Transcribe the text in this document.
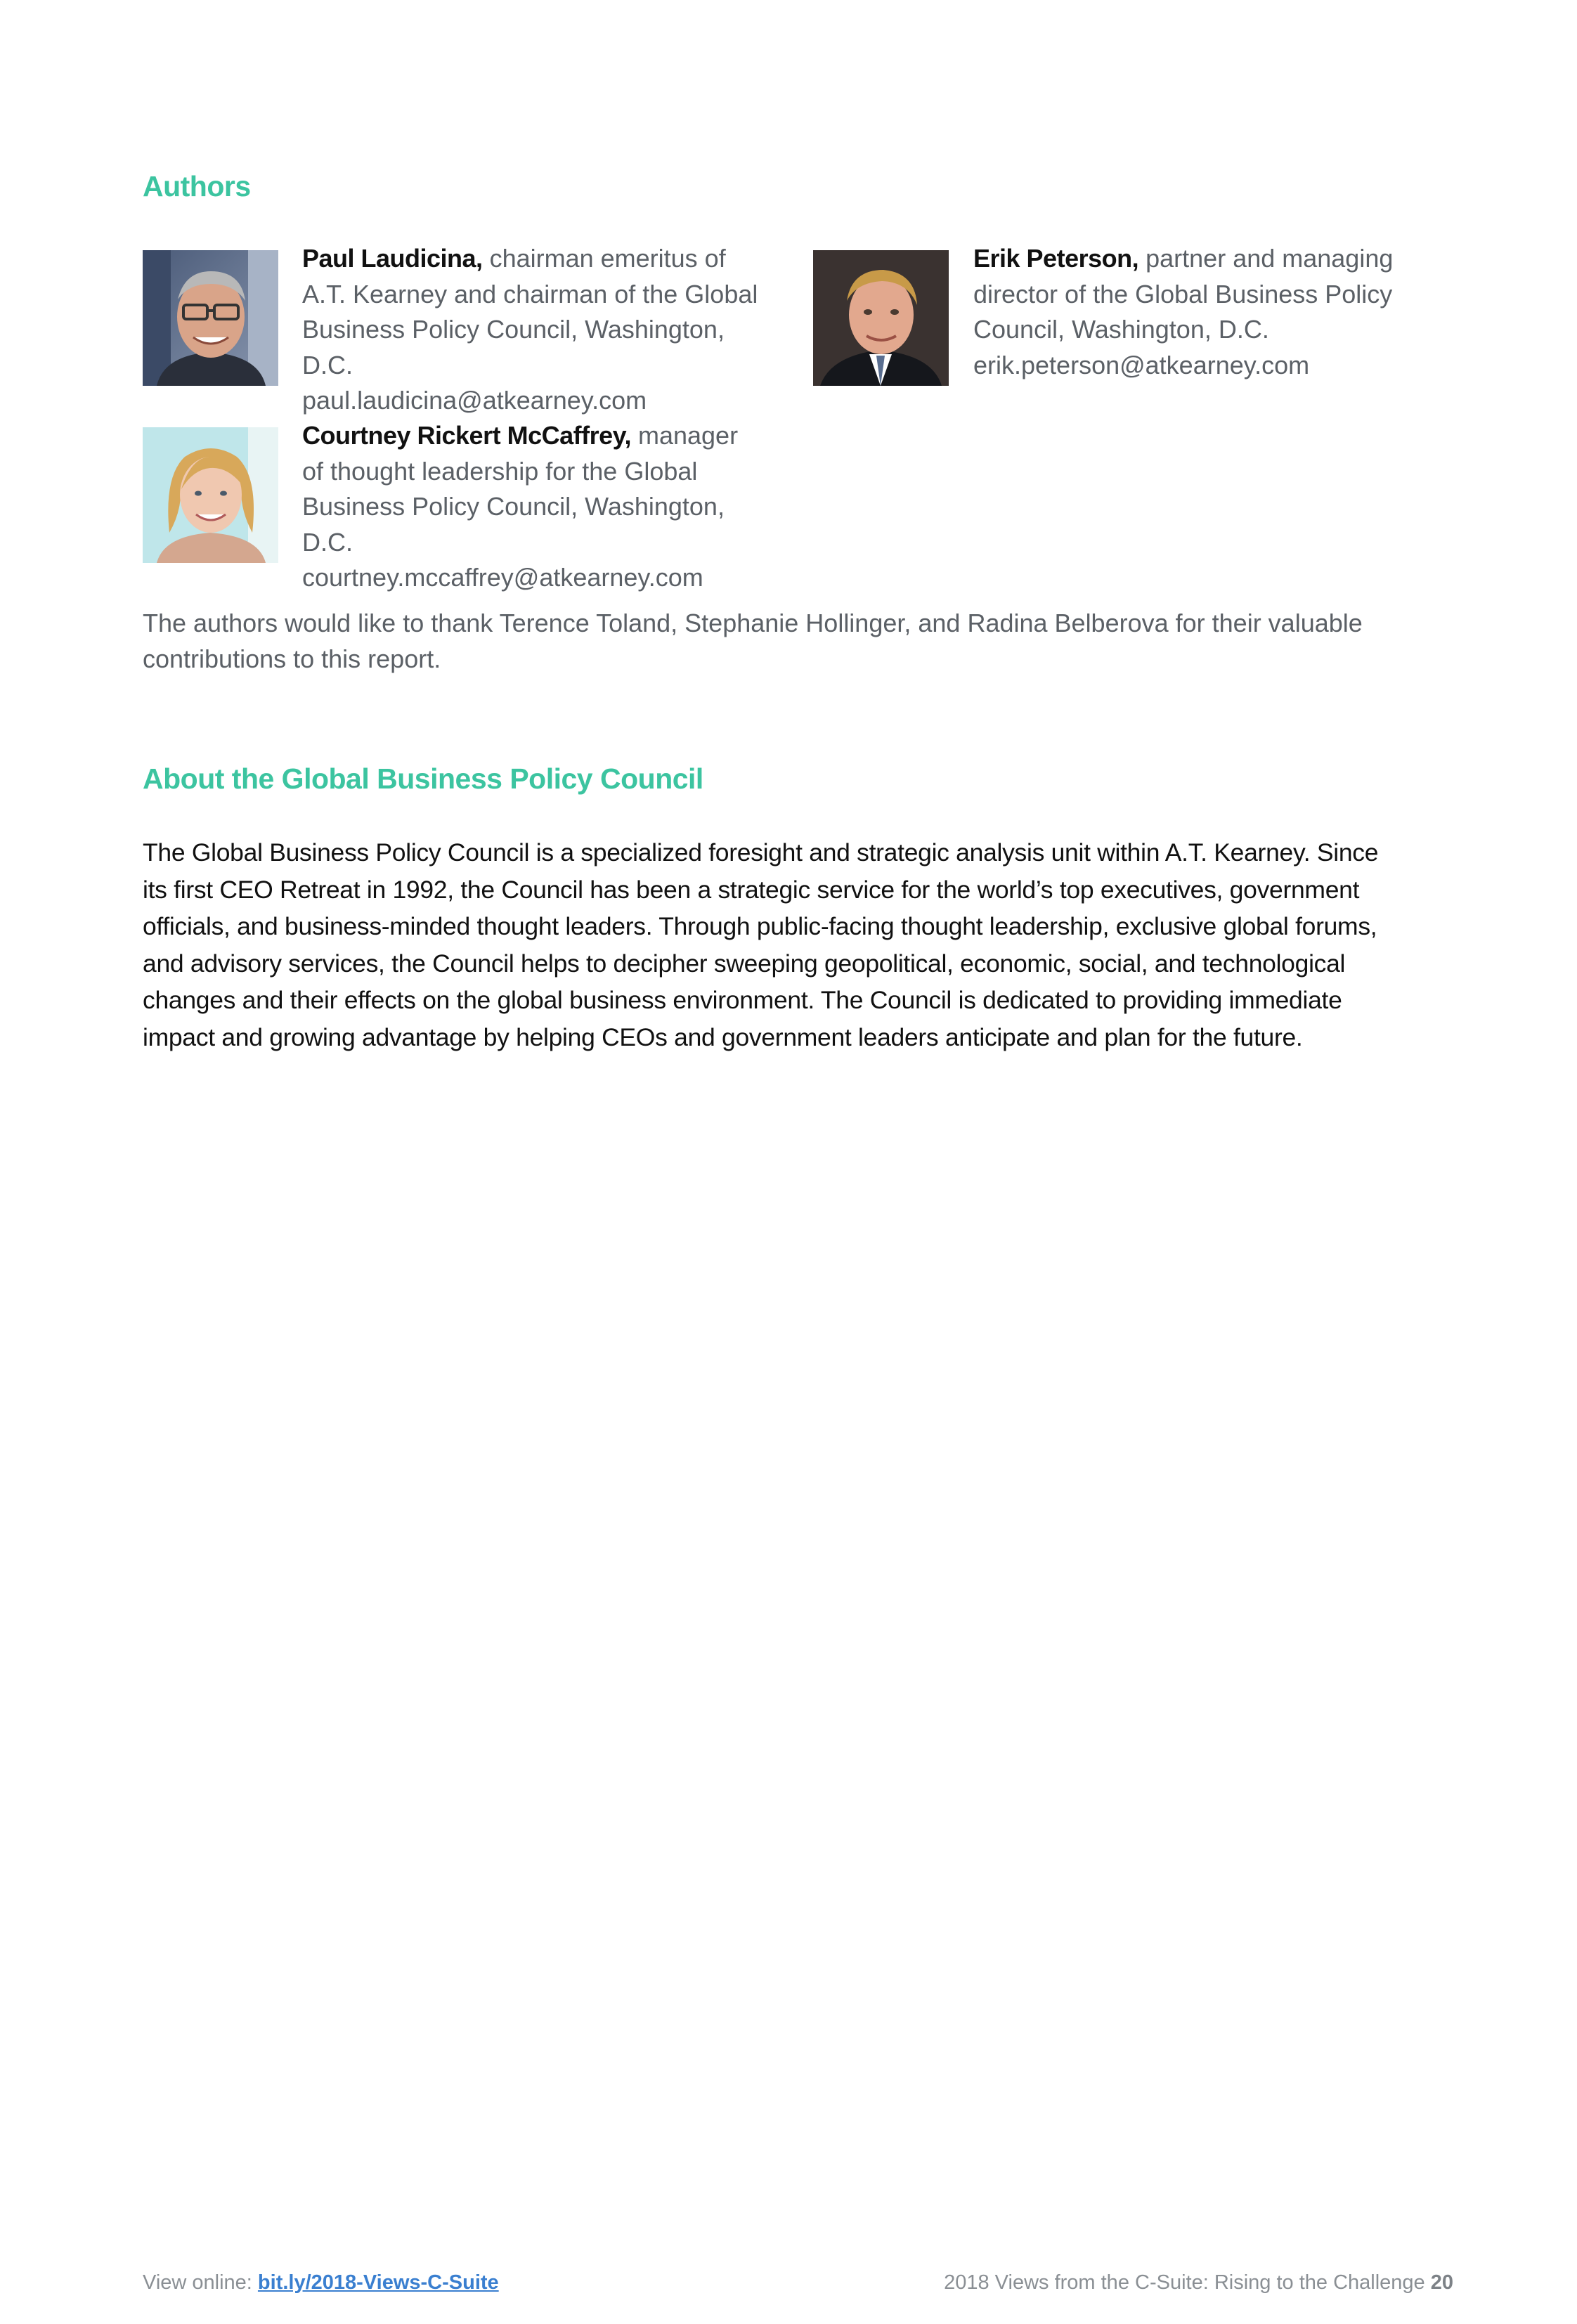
Authors
Paul Laudicina, chairman emeritus of
A.T. Kearney and chairman of the Global
Business Policy Council, Washington, D.C.
paul.laudicina@atkearney.com
Erik Peterson, partner and managing
director of the Global Business Policy
Council, Washington, D.C.
erik.peterson@atkearney.com
Courtney Rickert McCaffrey, manager
of thought leadership for the Global
Business Policy Council, Washington, D.C.
courtney.mccaffrey@atkearney.com
The authors would like to thank Terence Toland, Stephanie Hollinger, and Radina Belberova for their valuable
contributions to this report.
About the Global Business Policy Council
The Global Business Policy Council is a specialized foresight and strategic analysis unit within A.T. Kearney. Since
its first CEO Retreat in 1992, the Council has been a strategic service for the world’s top executives, government
officials, and business-minded thought leaders. Through public-facing thought leadership, exclusive global forums,
and advisory services, the Council helps to decipher sweeping geopolitical, economic, social, and technological
changes and their effects on the global business environment. The Council is dedicated to providing immediate
impact and growing advantage by helping CEOs and government leaders anticipate and plan for the future.
View online: bit.ly/2018-Views-C-Suite	2018 Views from the C-Suite: Rising to the Challenge 20
